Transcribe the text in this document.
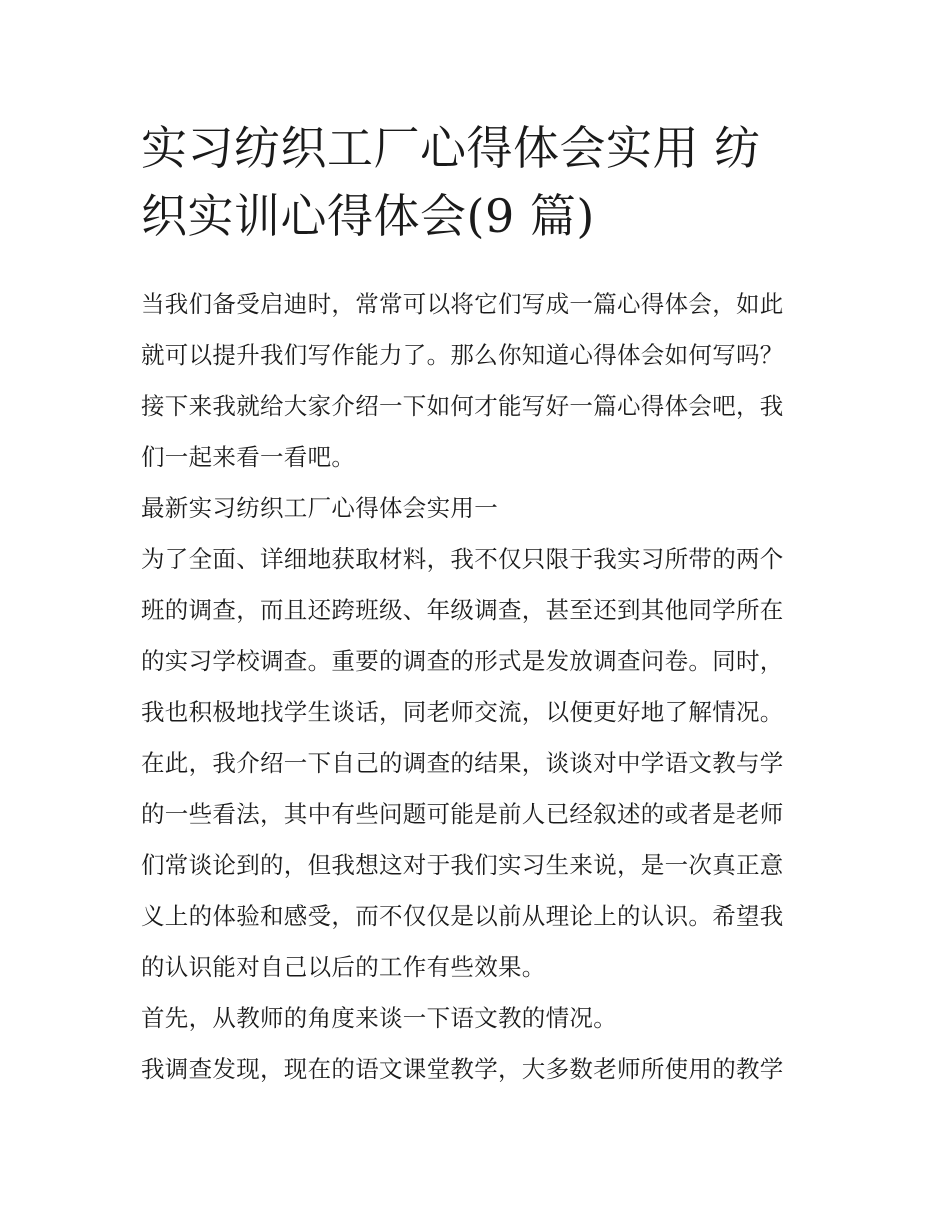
实习纺织工厂心得体会实用 纺
织实训心得体会(9 篇)

当我们备受启迪时，常常可以将它们写成一篇心得体会，如此
就可以提升我们写作能力了。那么你知道心得体会如何写吗？
接下来我就给大家介绍一下如何才能写好一篇心得体会吧，我
们一起来看一看吧。

最新实习纺织工厂心得体会实用一

为了全面、详细地获取材料，我不仅只限于我实习所带的两个
班的调查，而且还跨班级、年级调查，甚至还到其他同学所在
的实习学校调查。重要的调查的形式是发放调查问卷。同时，
我也积极地找学生谈话，同老师交流，以便更好地了解情况。
在此，我介绍一下自己的调查的结果，谈谈对中学语文教与学
的一些看法，其中有些问题可能是前人已经叙述的或者是老师
们常谈论到的，但我想这对于我们实习生来说，是一次真正意
义上的体验和感受，而不仅仅是以前从理论上的认识。希望我
的认识能对自己以后的工作有些效果。

首先，从教师的角度来谈一下语文教的情况。

我调查发现，现在的语文课堂教学，大多数老师所使用的教学
